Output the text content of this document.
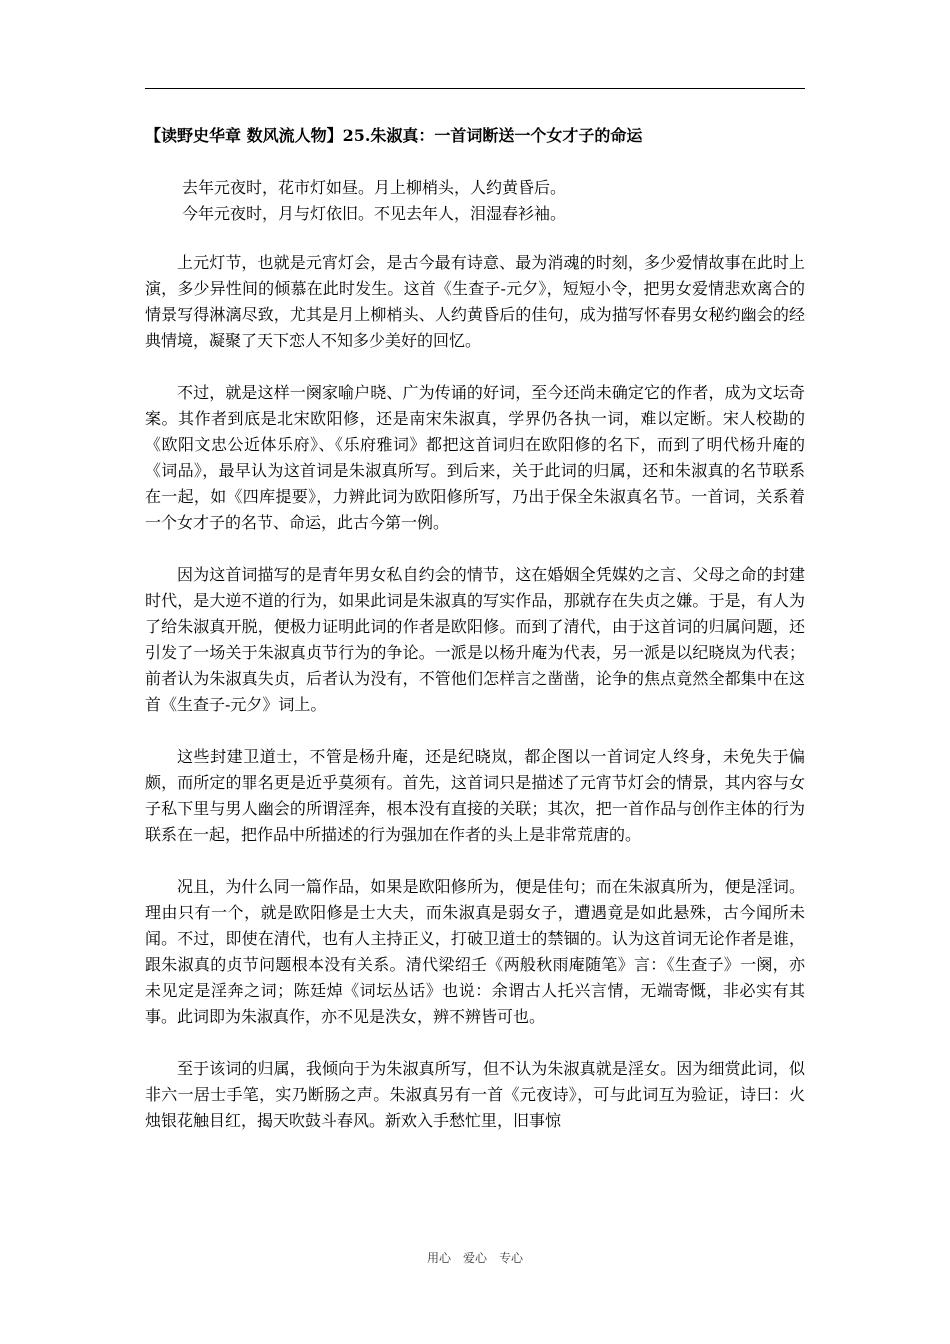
【读野史华章 数风流人物】25.朱淑真：一首词断送一个女才子的命运
去年元夜时，花市灯如昼。月上柳梢头，人约黄昏后。
今年元夜时，月与灯依旧。不见去年人，泪湿春衫袖。

上元灯节，也就是元宵灯会，是古今最有诗意、最为消魂的时刻，多少爱情故事在此时上演，多少异性间的倾慕在此时发生。这首《生查子-元夕》，短短小令，把男女爱情悲欢离合的情景写得淋漓尽致，尤其是月上柳梢头、人约黄昏后的佳句，成为描写怀春男女秘约幽会的经典情境，凝聚了天下恋人不知多少美好的回忆。

不过，就是这样一阕家喻户晓、广为传诵的好词，至今还尚未确定它的作者，成为文坛奇案。其作者到底是北宋欧阳修，还是南宋朱淑真，学界仍各执一词，难以定断。宋人校勘的《欧阳文忠公近体乐府》、《乐府雅词》都把这首词归在欧阳修的名下，而到了明代杨升庵的《词品》，最早认为这首词是朱淑真所写。到后来，关于此词的归属，还和朱淑真的名节联系在一起，如《四库提要》，力辨此词为欧阳修所写，乃出于保全朱淑真名节。一首词，关系着一个女才子的名节、命运，此古今第一例。

因为这首词描写的是青年男女私自约会的情节，这在婚姻全凭媒妁之言、父母之命的封建时代，是大逆不道的行为，如果此词是朱淑真的写实作品，那就存在失贞之嫌。于是，有人为了给朱淑真开脱，便极力证明此词的作者是欧阳修。而到了清代，由于这首词的归属问题，还引发了一场关于朱淑真贞节行为的争论。一派是以杨升庵为代表，另一派是以纪晓岚为代表；前者认为朱淑真失贞，后者认为没有，不管他们怎样言之凿凿，论争的焦点竟然全都集中在这首《生查子-元夕》词上。

这些封建卫道士，不管是杨升庵，还是纪晓岚，都企图以一首词定人终身，未免失于偏颇，而所定的罪名更是近乎莫须有。首先，这首词只是描述了元宵节灯会的情景，其内容与女子私下里与男人幽会的所谓淫奔，根本没有直接的关联；其次，把一首作品与创作主体的行为联系在一起，把作品中所描述的行为强加在作者的头上是非常荒唐的。

况且，为什么同一篇作品，如果是欧阳修所为，便是佳句；而在朱淑真所为，便是淫词。理由只有一个，就是欧阳修是士大夫，而朱淑真是弱女子，遭遇竟是如此悬殊，古今闻所未闻。不过，即使在清代，也有人主持正义，打破卫道士的禁锢的。认为这首词无论作者是谁，跟朱淑真的贞节问题根本没有关系。清代梁绍壬《两般秋雨庵随笔》言：《生查子》一阕，亦未见定是淫奔之词；陈廷焯《词坛丛话》也说：余谓古人托兴言情，无端寄慨，非必实有其事。此词即为朱淑真作，亦不见是泆女，辨不辨皆可也。

至于该词的归属，我倾向于为朱淑真所写，但不认为朱淑真就是淫女。因为细赏此词，似非六一居士手笔，实乃断肠之声。朱淑真另有一首《元夜诗》，可与此词互为验证，诗曰：火烛银花触目红，揭天吹鼓斗春风。新欢入手愁忙里，旧事惊

用心　爱心　专心
